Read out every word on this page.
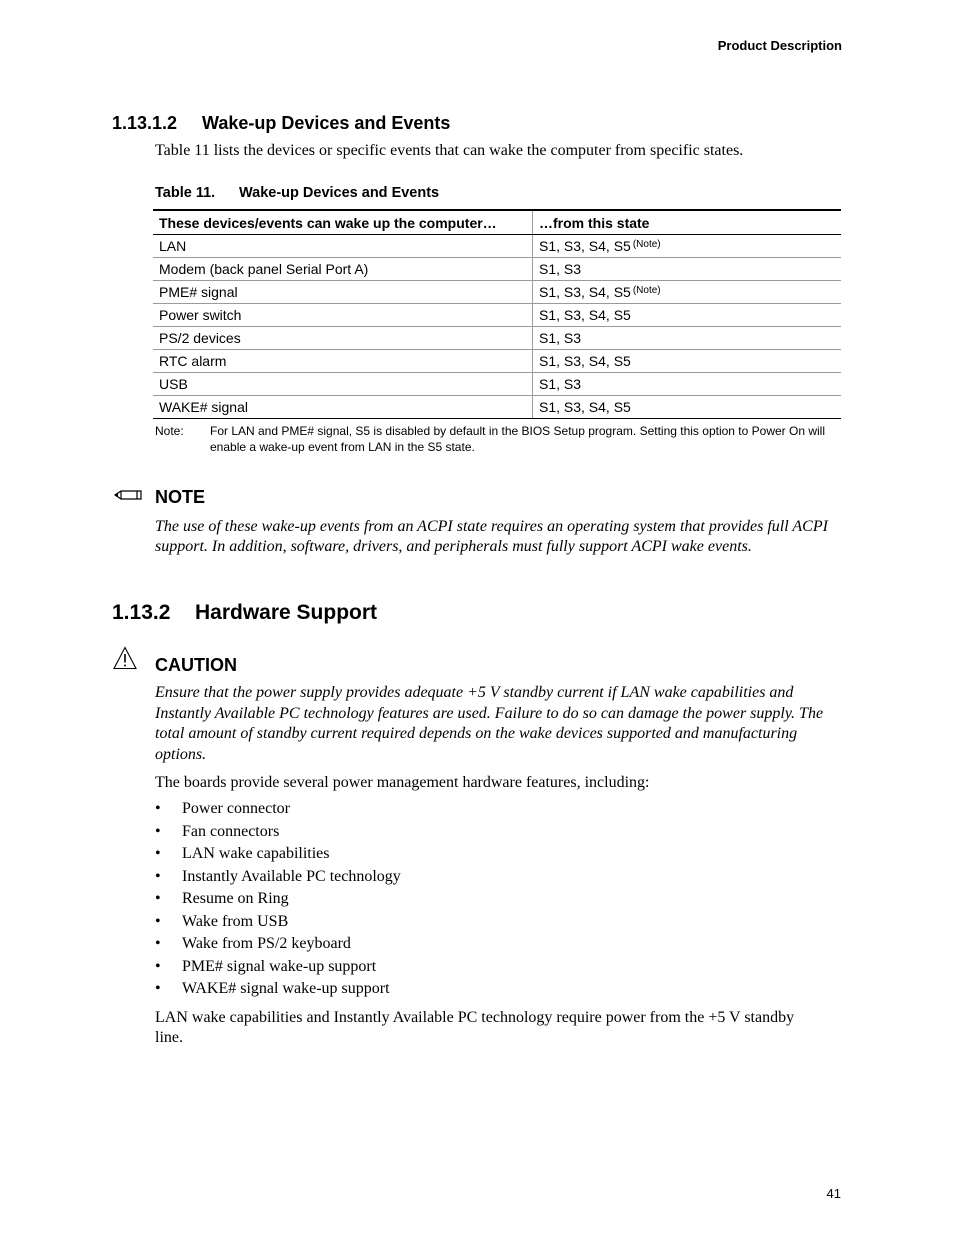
Product Description
1.13.1.2 Wake-up Devices and Events
Table 11 lists the devices or specific events that can wake the computer from specific states.
Table 11. Wake-up Devices and Events
These devices/events can wake up the computer…	…from this state
LAN	S1, S3, S4, S5 $^{(Note)}$
Modem (back panel Serial Port A)	S1, S3
PME# signal	S1, S3, S4, S5 $^{(Note)}$
Power switch	S1, S3, S4, S5
PS/2 devices	S1, S3
RTC alarm	S1, S3, S4, S5
USB	S1, S3
WAKE# signal	S1, S3, S4, S5
Note: For LAN and PME# signal, S5 is disabled by default in the BIOS Setup program. Setting this option to Power On will enable a wake-up event from LAN in the S5 state.
NOTE
The use of these wake-up events from an ACPI state requires an operating system that provides full ACPI support. In addition, software, drivers, and peripherals must fully support ACPI wake events.
1.13.2 Hardware Support
CAUTION
Ensure that the power supply provides adequate +5 V standby current if LAN wake capabilities and Instantly Available PC technology features are used. Failure to do so can damage the power supply. The total amount of standby current required depends on the wake devices supported and manufacturing options.
The boards provide several power management hardware features, including:
• Power connector
• Fan connectors
• LAN wake capabilities
• Instantly Available PC technology
• Resume on Ring
• Wake from USB
• Wake from PS/2 keyboard
• PME# signal wake-up support
• WAKE# signal wake-up support
LAN wake capabilities and Instantly Available PC technology require power from the +5 V standby line.
41
